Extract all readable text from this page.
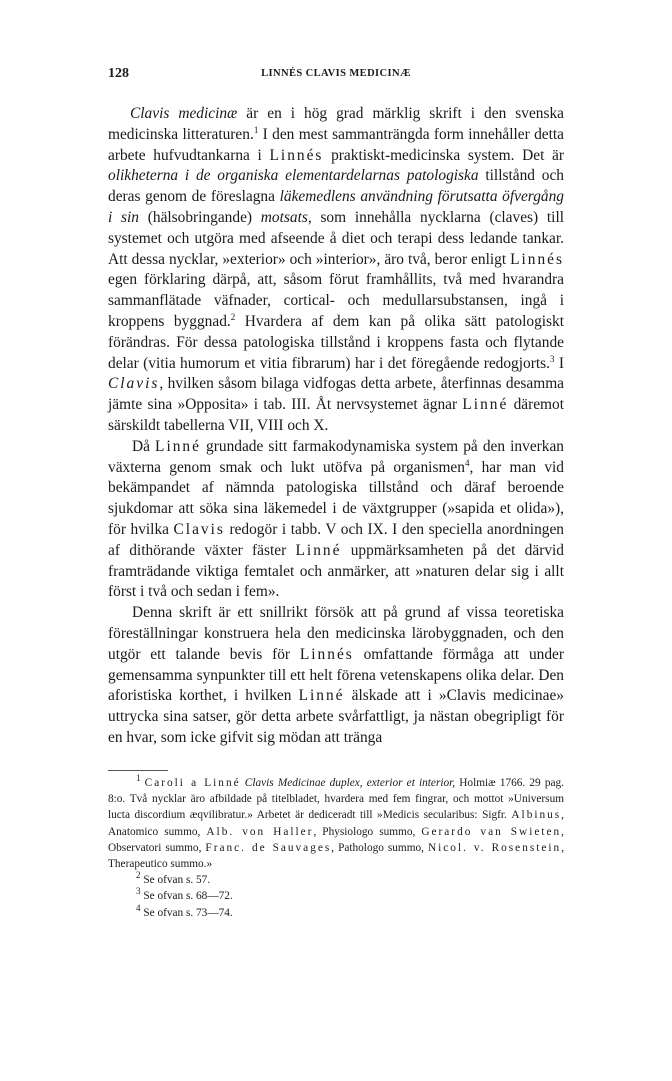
128	LINNÉS CLAVIS MEDICINÆ

Clavis medicinæ är en i hög grad märklig skrift i den svenska medicinska litteraturen.$^1$ I den mest sammanträngda form innehåller detta arbete hufvudtankarna i Linnés praktiskt-medicinska system. Det är olikheterna i de organiska elementardelarnas patologiska tillstånd och deras genom de föreslagna läkemedlens användning förutsatta öfvergång i sin (hälsobringande) motsats, som innehålla nycklarna (claves) till systemet och utgöra med afseende å diet och terapi dess ledande tankar. Att dessa nycklar, »exterior» och »interior», äro två, beror enligt Linnés egen förklaring därpå, att, såsom förut framhållits, två med hvarandra sammanflätade väfnader, cortical- och medullarsubstansen, ingå i kroppens byggnad.$^2$ Hvardera af dem kan på olika sätt patologiskt förändras. För dessa patologiska tillstånd i kroppens fasta och flytande delar (vitia humorum et vitia fibrarum) har i det föregående redogjorts.$^3$ I Clavis, hvilken såsom bilaga vidfogas detta arbete, återfinnas desamma jämte sina »Opposita» i tab. III. Åt nervsystemet ägnar Linné däremot särskildt tabellerna VII, VIII och X.

Då Linné grundade sitt farmakodynamiska system på den inverkan växterna genom smak och lukt utöfva på organismen$^4$, har man vid bekämpandet af nämnda patologiska tillstånd och däraf beroende sjukdomar att söka sina läkemedel i de växtgrupper (»sapida et olida»), för hvilka Clavis redogör i tabb. V och IX. I den speciella anordningen af dithörande växter fäster Linné uppmärksamheten på det därvid framträdande viktiga femtalet och anmärker, att »naturen delar sig i allt först i två och sedan i fem».

Denna skrift är ett snillrikt försök att på grund af vissa teoretiska föreställningar konstruera hela den medicinska lärobyggnaden, och den utgör ett talande bevis för Linnés omfattande förmåga att under gemensamma synpunkter till ett helt förena vetenskapens olika delar. Den aforistiska korthet, i hvilken Linné älskade att i »Clavis medicinae» uttrycka sina satser, gör detta arbete svårfattligt, ja nästan obegripligt för en hvar, som icke gifvit sig mödan att tränga

$^1$ Caroli a Linné Clavis Medicinae duplex, exterior et interior, Holmiæ 1766. 29 pag. 8:o. Två nycklar äro afbildade på titelbladet, hvardera med fem fingrar, och mottot »Universum lucta discordium æqvilibratur.» Arbetet är dediceradt till »Medicis secularibus: Sigfr. Albinus, Anatomico summo, Alb. von Haller, Physiologo summo, Gerardo van Swieten, Observatori summo, Franc. de Sauvages, Pathologo summo, Nicol. v. Rosenstein, Therapeutico summo.»

$^2$ Se ofvan s. 57.

$^3$ Se ofvan s. 68—72.

$^4$ Se ofvan s. 73—74.
